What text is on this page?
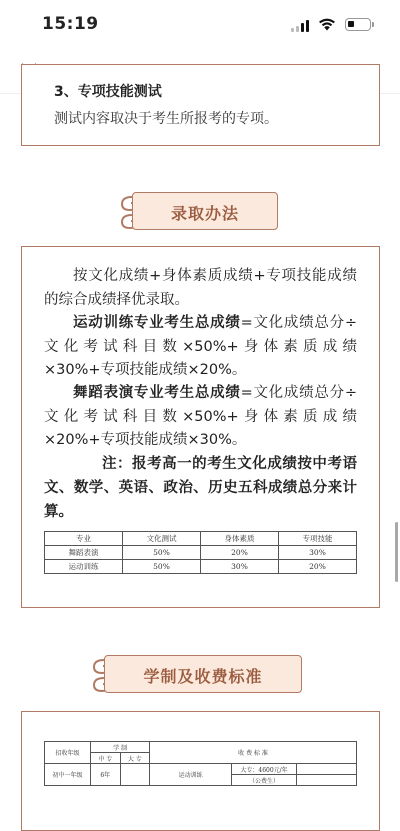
15:19
3、专项技能测试
测试内容取决于考生所报考的专项。
录取办法

按文化成绩+身体素质成绩+专项技能成绩的综合成绩择优录取。

运动训练专业考生总成绩=文化成绩总分÷文化考试科目数×50%+身体素质成绩×30%+专项技能成绩×20%。

舞蹈表演专业考生总成绩=文化成绩总分÷文化考试科目数×50%+身体素质成绩×20%+专项技能成绩×30%。

注：报考高一的考生文化成绩按中考语文、数学、英语、政治、历史五科成绩总分来计算。

专业	文化测试	身体素质	专项技能
舞蹈表演	50%	20%	30%
运动训练	50%	30%	20%
学制及收费标准
招收年级	学 制		收 费 标 准		
	中 专	大 专			
初中一年级	6年		运动训练	大专：4600元/年	
				（公费生）	
